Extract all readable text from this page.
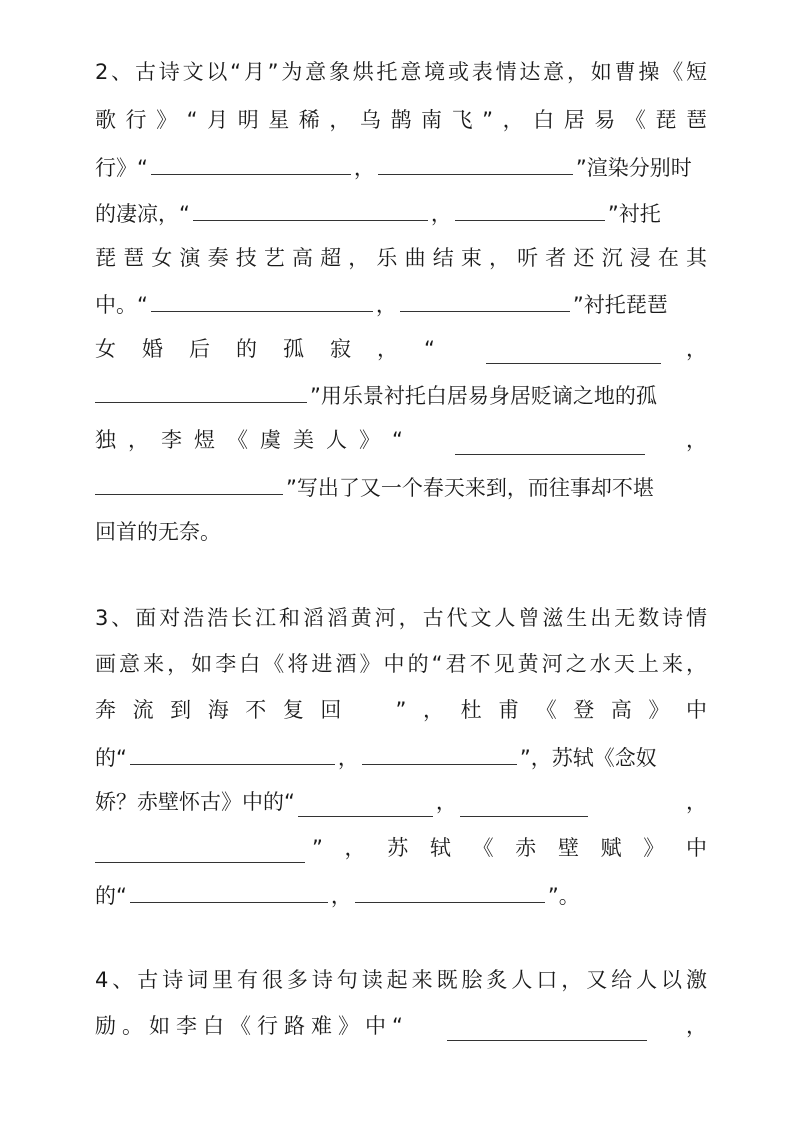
2、古诗文以“月”为意象烘托意境或表情达意，如曹操《短
歌行》“月明星稀，乌鹊南飞”，白居易《琵琶
行》“	，	”渲染分别时
的凄凉，“	，	”衬托
琵琶女演奏技艺高超，乐曲结束，听者还沉浸在其
中。“	，	”衬托琵琶
女婚后的孤寂，“	，
”用乐景衬托白居易身居贬谪之地的孤
独，李煜《虞美人》“	，
”写出了又一个春天来到，而往事却不堪
回首的无奈。
3、面对浩浩长江和滔滔黄河，古代文人曾滋生出无数诗情
画意来，如李白《将进酒》中的“君不见黄河之水天上来，
奔流到海不复回　”，杜甫《登高》中
的“	，	”，苏轼《念奴
娇？赤壁怀古》中的“	，	，
”，苏轼《赤壁赋》中
的“	，	”。
4、古诗词里有很多诗句读起来既脍炙人口，又给人以激
励。如李白《行路难》中“	，
